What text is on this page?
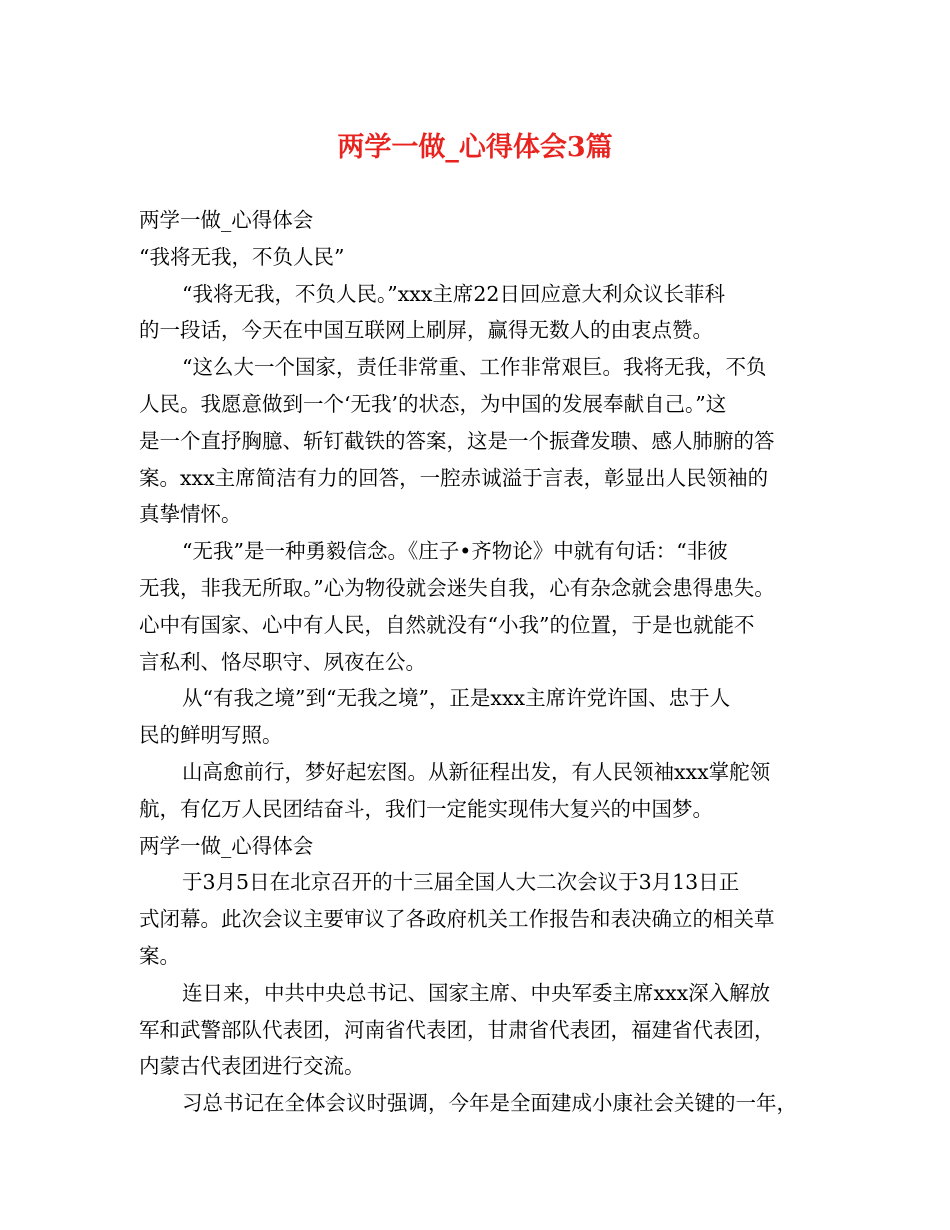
两学一做_心得体会3篇
两学一做_心得体会
“我将无我，不负人民”
“我将无我，不负人民。”xxx主席22日回应意大利众议长菲科
的一段话，今天在中国互联网上刷屏，赢得无数人的由衷点赞。
“这么大一个国家，责任非常重、工作非常艰巨。我将无我，不负
人民。我愿意做到一个‘无我’的状态，为中国的发展奉献自己。”这
是一个直抒胸臆、斩钉截铁的答案，这是一个振聋发聩、感人肺腑的答
案。xxx主席简洁有力的回答，一腔赤诚溢于言表，彰显出人民领袖的
真挚情怀。
“无我”是一种勇毅信念。《庄子•齐物论》中就有句话：“非彼
无我，非我无所取。”心为物役就会迷失自我，心有杂念就会患得患失。
心中有国家、心中有人民，自然就没有“小我”的位置，于是也就能不
言私利、恪尽职守、夙夜在公。
从“有我之境”到“无我之境”，正是xxx主席许党许国、忠于人
民的鲜明写照。
山高愈前行，梦好起宏图。从新征程出发，有人民领袖xxx掌舵领
航，有亿万人民团结奋斗，我们一定能实现伟大复兴的中国梦。
两学一做_心得体会
于3月5日在北京召开的十三届全国人大二次会议于3月13日正
式闭幕。此次会议主要审议了各政府机关工作报告和表决确立的相关草
案。
连日来，中共中央总书记、国家主席、中央军委主席xxx深入解放
军和武警部队代表团，河南省代表团，甘肃省代表团，福建省代表团，
内蒙古代表团进行交流。
习总书记在全体会议时强调，今年是全面建成小康社会关键的一年，
